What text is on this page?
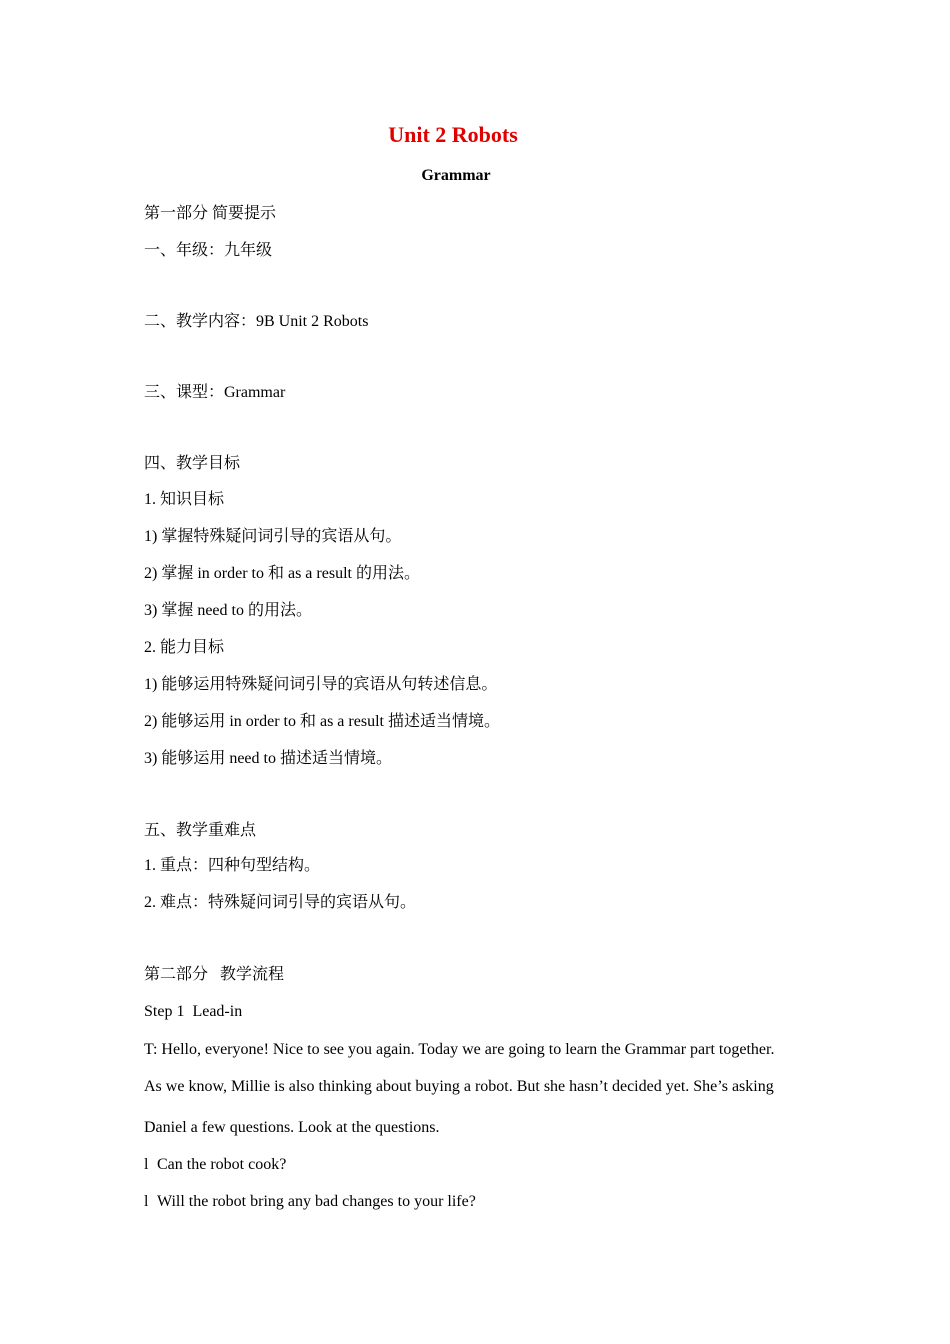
Unit 2 Robots
Grammar
第一部分 简要提示
一、年级：九年级
二、教学内容：9B Unit 2 Robots
三、课型：Grammar
四、教学目标
1. 知识目标
1) 掌握特殊疑问词引导的宾语从句。
2) 掌握 in order to 和 as a result 的用法。
3) 掌握 need to 的用法。
2. 能力目标
1) 能够运用特殊疑问词引导的宾语从句转述信息。
2) 能够运用 in order to 和 as a result 描述适当情境。
3) 能够运用 need to 描述适当情境。
五、教学重难点
1. 重点：四种句型结构。
2. 难点：特殊疑问词引导的宾语从句。
第二部分   教学流程
Step 1  Lead-in
T: Hello, everyone! Nice to see you again. Today we are going to learn the Grammar part together.
As we know, Millie is also thinking about buying a robot. But she hasn’t decided yet. She’s asking
Daniel a few questions. Look at the questions.
l Can the robot cook?
l Will the robot bring any bad changes to your life?
